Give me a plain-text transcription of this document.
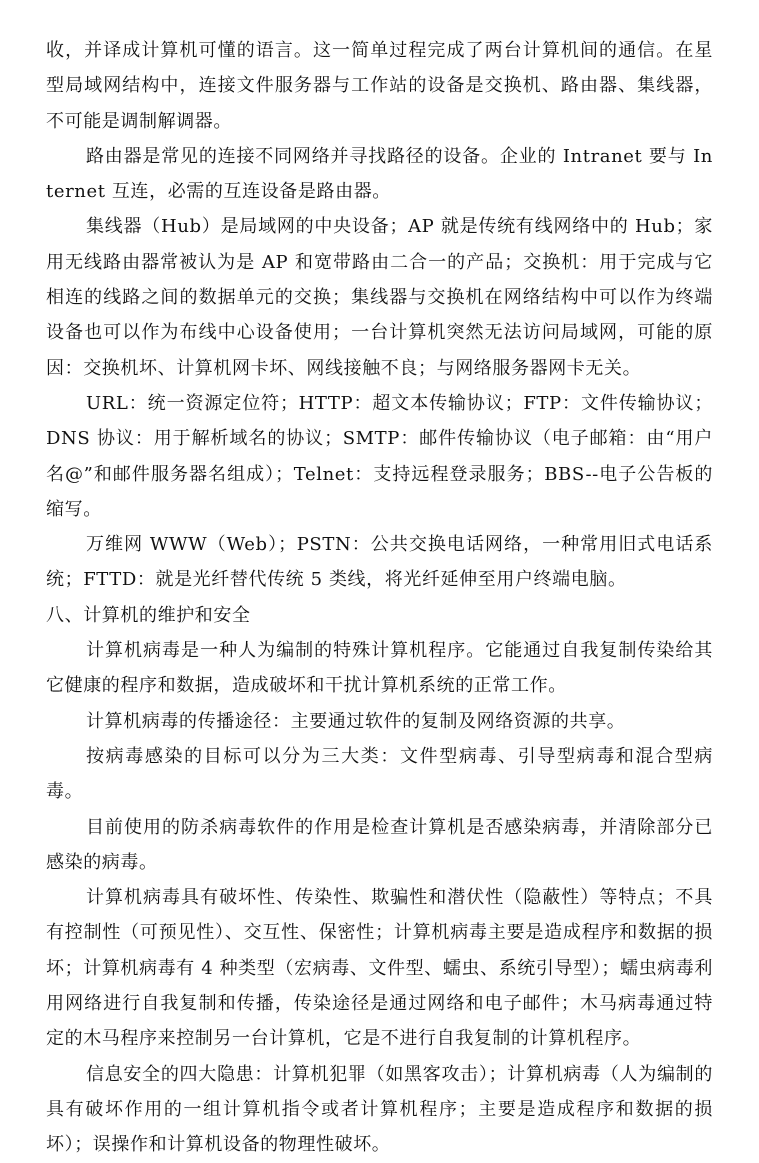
收，并译成计算机可懂的语言。这一简单过程完成了两台计算机间的通信。在星型局域网结构中，连接文件服务器与工作站的设备是交换机、路由器、集线器，不可能是调制解调器。

路由器是常见的连接不同网络并寻找路径的设备。企业的 Intranet 要与 Internet 互连，必需的互连设备是路由器。

集线器（Hub）是局域网的中央设备；AP 就是传统有线网络中的 Hub；家用无线路由器常被认为是 AP 和宽带路由二合一的产品；交换机：用于完成与它相连的线路之间的数据单元的交换；集线器与交换机在网络结构中可以作为终端设备也可以作为布线中心设备使用；一台计算机突然无法访问局域网，可能的原因：交换机坏、计算机网卡坏、网线接触不良；与网络服务器网卡无关。

URL：统一资源定位符；HTTP：超文本传输协议；FTP：文件传输协议；DNS 协议：用于解析域名的协议；SMTP：邮件传输协议（电子邮箱：由“用户名@”和邮件服务器名组成）；Telnet：支持远程登录服务；BBS--电子公告板的缩写。

万维网 WWW（Web）；PSTN：公共交换电话网络，一种常用旧式电话系统；FTTD：就是光纤替代传统 5 类线，将光纤延伸至用户终端电脑。

八、计算机的维护和安全

计算机病毒是一种人为编制的特殊计算机程序。它能通过自我复制传染给其它健康的程序和数据，造成破坏和干扰计算机系统的正常工作。

计算机病毒的传播途径：主要通过软件的复制及网络资源的共享。

按病毒感染的目标可以分为三大类：文件型病毒、引导型病毒和混合型病毒。

目前使用的防杀病毒软件的作用是检查计算机是否感染病毒，并清除部分已感染的病毒。

计算机病毒具有破坏性、传染性、欺骗性和潜伏性（隐蔽性）等特点；不具有控制性（可预见性）、交互性、保密性；计算机病毒主要是造成程序和数据的损坏；计算机病毒有 4 种类型（宏病毒、文件型、蠕虫、系统引导型）；蠕虫病毒利用网络进行自我复制和传播，传染途径是通过网络和电子邮件；木马病毒通过特定的木马程序来控制另一台计算机，它是不进行自我复制的计算机程序。

信息安全的四大隐患：计算机犯罪（如黑客攻击）；计算机病毒（人为编制的具有破坏作用的一组计算机指令或者计算机程序；主要是造成程序和数据的损坏）；误操作和计算机设备的物理性破坏。
